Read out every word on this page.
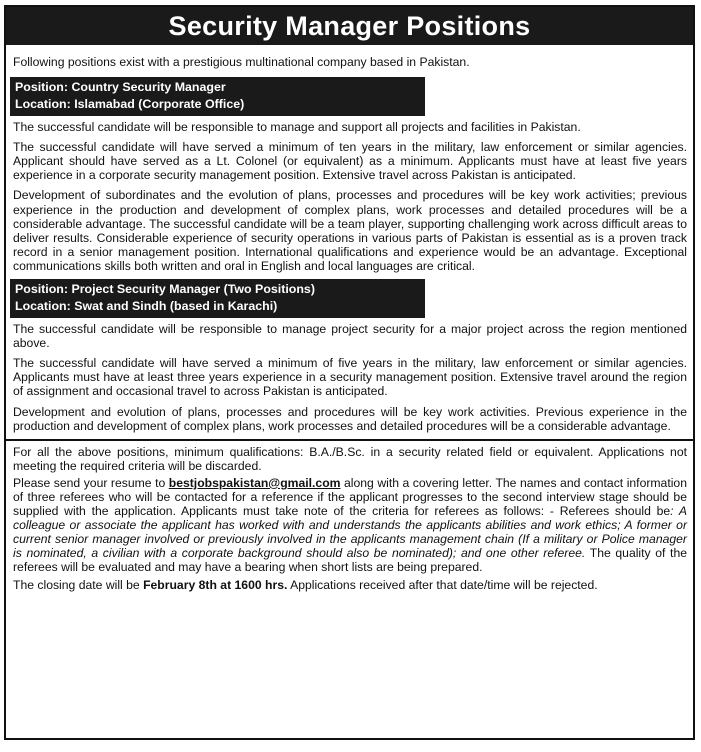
Security Manager Positions

Following positions exist with a prestigious multinational company based in Pakistan.

Position: Country Security Manager
Location: Islamabad (Corporate Office)

The successful candidate will be responsible to manage and support all projects and facilities in Pakistan.

The successful candidate will have served a minimum of ten years in the military, law enforcement or similar agencies. Applicant should have served as a Lt. Colonel (or equivalent) as a minimum. Applicants must have at least five years experience in a corporate security management position. Extensive travel across Pakistan is anticipated.

Development of subordinates and the evolution of plans, processes and procedures will be key work activities; previous experience in the production and development of complex plans, work processes and detailed procedures will be a considerable advantage. The successful candidate will be a team player, supporting challenging work across difficult areas to deliver results. Considerable experience of security operations in various parts of Pakistan is essential as is a proven track record in a senior management position. International qualifications and experience would be an advantage. Exceptional communications skills both written and oral in English and local languages are critical.

Position: Project Security Manager (Two Positions)
Location: Swat and Sindh (based in Karachi)

The successful candidate will be responsible to manage project security for a major project across the region mentioned above.

The successful candidate will have served a minimum of five years in the military, law enforcement or similar agencies. Applicants must have at least three years experience in a security management position. Extensive travel around the region of assignment and occasional travel to across Pakistan is anticipated.

Development and evolution of plans, processes and procedures will be key work activities. Previous experience in the production and development of complex plans, work processes and detailed procedures will be a considerable advantage.

For all the above positions, minimum qualifications: B.A./B.Sc. in a security related field or equivalent. Applications not meeting the required criteria will be discarded.

Please send your resume to bestjobspakistan@gmail.com along with a covering letter. The names and contact information of three referees who will be contacted for a reference if the applicant progresses to the second interview stage should be supplied with the application. Applicants must take note of the criteria for referees as follows: - Referees should be: A colleague or associate the applicant has worked with and understands the applicants abilities and work ethics; A former or current senior manager involved or previously involved in the applicants management chain (If a military or Police manager is nominated, a civilian with a corporate background should also be nominated); and one other referee. The quality of the referees will be evaluated and may have a bearing when short lists are being prepared.

The closing date will be February 8th at 1600 hrs. Applications received after that date/time will be rejected.
